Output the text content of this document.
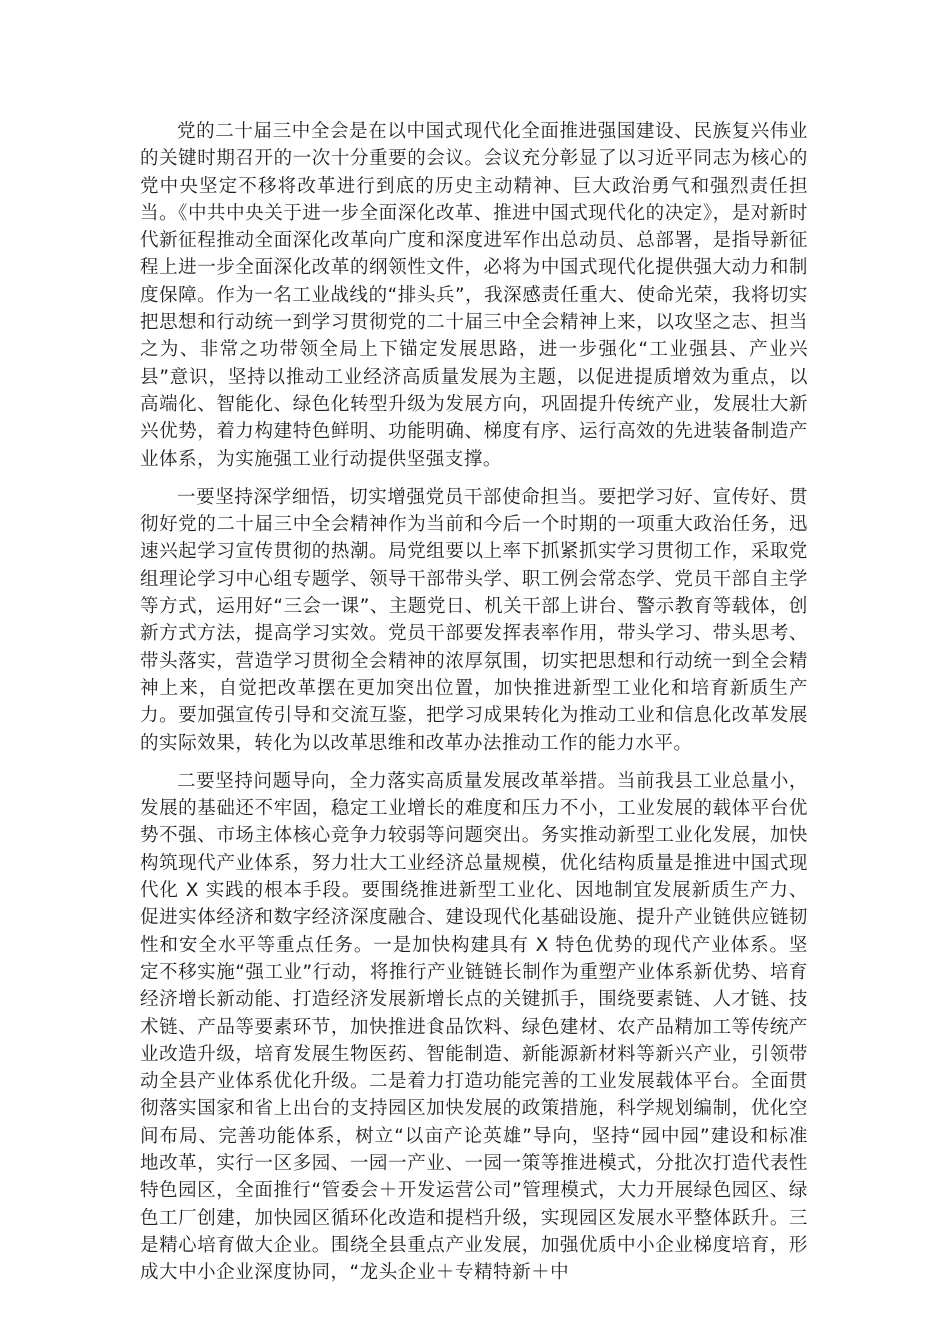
党的二十届三中全会是在以中国式现代化全面推进强国建设、民族复兴伟业的关键时期召开的一次十分重要的会议。会议充分彰显了以习近平同志为核心的党中央坚定不移将改革进行到底的历史主动精神、巨大政治勇气和强烈责任担当。《中共中央关于进一步全面深化改革、推进中国式现代化的决定》，是对新时代新征程推动全面深化改革向广度和深度进军作出总动员、总部署，是指导新征程上进一步全面深化改革的纲领性文件，必将为中国式现代化提供强大动力和制度保障。作为一名工业战线的“排头兵”，我深感责任重大、使命光荣，我将切实把思想和行动统一到学习贯彻党的二十届三中全会精神上来，以攻坚之志、担当之为、非常之功带领全局上下锚定发展思路，进一步强化“工业强县、产业兴县”意识，坚持以推动工业经济高质量发展为主题，以促进提质增效为重点，以高端化、智能化、绿色化转型升级为发展方向，巩固提升传统产业，发展壮大新兴优势，着力构建特色鲜明、功能明确、梯度有序、运行高效的先进装备制造产业体系，为实施强工业行动提供坚强支撑。

一要坚持深学细悟，切实增强党员干部使命担当。要把学习好、宣传好、贯彻好党的二十届三中全会精神作为当前和今后一个时期的一项重大政治任务，迅速兴起学习宣传贯彻的热潮。局党组要以上率下抓紧抓实学习贯彻工作，采取党组理论学习中心组专题学、领导干部带头学、职工例会常态学、党员干部自主学等方式，运用好“三会一课”、主题党日、机关干部上讲台、警示教育等载体，创新方式方法，提高学习实效。党员干部要发挥表率作用，带头学习、带头思考、带头落实，营造学习贯彻全会精神的浓厚氛围，切实把思想和行动统一到全会精神上来，自觉把改革摆在更加突出位置，加快推进新型工业化和培育新质生产力。要加强宣传引导和交流互鉴，把学习成果转化为推动工业和信息化改革发展的实际效果，转化为以改革思维和改革办法推动工作的能力水平。

二要坚持问题导向，全力落实高质量发展改革举措。当前我县工业总量小，发展的基础还不牢固，稳定工业增长的难度和压力不小，工业发展的载体平台优势不强、市场主体核心竞争力较弱等问题突出。务实推动新型工业化发展，加快构筑现代产业体系，努力壮大工业经济总量规模，优化结构质量是推进中国式现代化 X 实践的根本手段。要围绕推进新型工业化、因地制宜发展新质生产力、促进实体经济和数字经济深度融合、建设现代化基础设施、提升产业链供应链韧性和安全水平等重点任务。一是加快构建具有 X 特色优势的现代产业体系。坚定不移实施“强工业”行动，将推行产业链链长制作为重塑产业体系新优势、培育经济增长新动能、打造经济发展新增长点的关键抓手，围绕要素链、人才链、技术链、产品等要素环节，加快推进食品饮料、绿色建材、农产品精加工等传统产业改造升级，培育发展生物医药、智能制造、新能源新材料等新兴产业，引领带动全县产业体系优化升级。二是着力打造功能完善的工业发展载体平台。全面贯彻落实国家和省上出台的支持园区加快发展的政策措施，科学规划编制，优化空间布局、完善功能体系，树立“以亩产论英雄”导向，坚持“园中园”建设和标准地改革，实行一区多园、一园一产业、一园一策等推进模式，分批次打造代表性特色园区，全面推行“管委会＋开发运营公司”管理模式，大力开展绿色园区、绿色工厂创建，加快园区循环化改造和提档升级，实现园区发展水平整体跃升。三是精心培育做大企业。围绕全县重点产业发展，加强优质中小企业梯度培育，形成大中小企业深度协同，“龙头企业＋专精特新＋中
